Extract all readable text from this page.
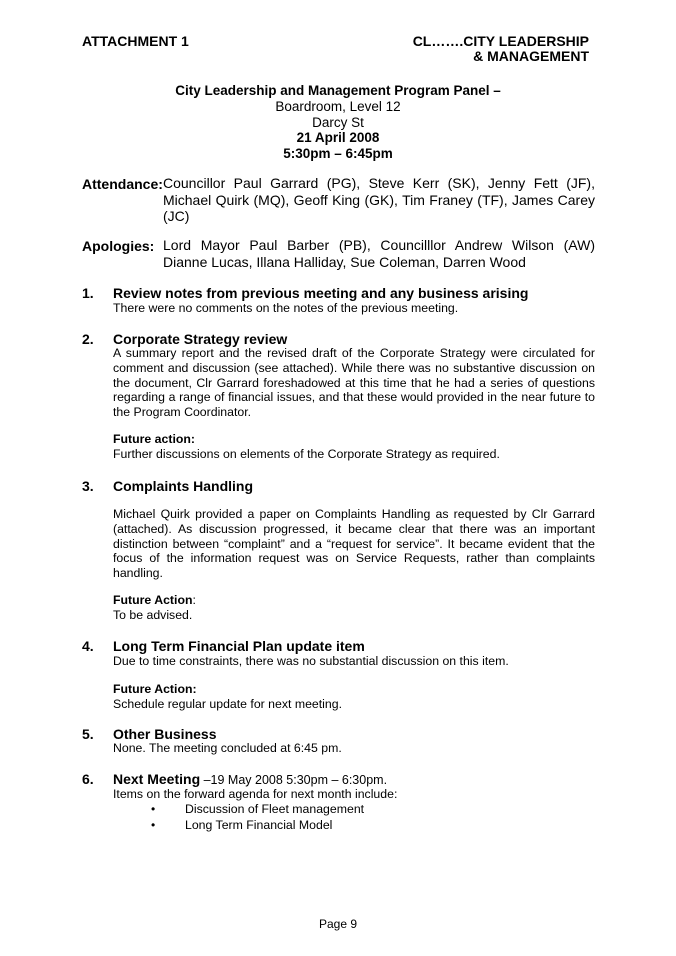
ATTACHMENT 1	CL…….CITY LEADERSHIP
& MANAGEMENT
City Leadership and Management Program Panel –
Boardroom, Level 12
Darcy St
21 April 2008
5:30pm – 6:45pm
Attendance: Councillor Paul Garrard (PG), Steve Kerr (SK), Jenny Fett (JF), Michael Quirk (MQ), Geoff King (GK), Tim Franey (TF), James Carey (JC)
Apologies: Lord Mayor Paul Barber (PB), Councilllor Andrew Wilson (AW) Dianne Lucas, Illana Halliday, Sue Coleman, Darren Wood
1. Review notes from previous meeting and any business arising
There were no comments on the notes of the previous meeting.
2. Corporate Strategy review
A summary report and the revised draft of the Corporate Strategy were circulated for comment and discussion (see attached). While there was no substantive discussion on the document, Clr Garrard foreshadowed at this time that he had a series of questions regarding a range of financial issues, and that these would provided in the near future to the Program Coordinator.
Future action:
Further discussions on elements of the Corporate Strategy as required.
3. Complaints Handling
Michael Quirk provided a paper on Complaints Handling as requested by Clr Garrard (attached). As discussion progressed, it became clear that there was an important distinction between “complaint” and a “request for service”. It became evident that the focus of the information request was on Service Requests, rather than complaints handling.
Future Action:
To be advised.
4. Long Term Financial Plan update item
Due to time constraints, there was no substantial discussion on this item.
Future Action:
Schedule regular update for next meeting.
5. Other Business
None. The meeting concluded at 6:45 pm.
6. Next Meeting –19 May 2008 5:30pm – 6:30pm.
Items on the forward agenda for next month include:
• Discussion of Fleet management
• Long Term Financial Model
Page 9
